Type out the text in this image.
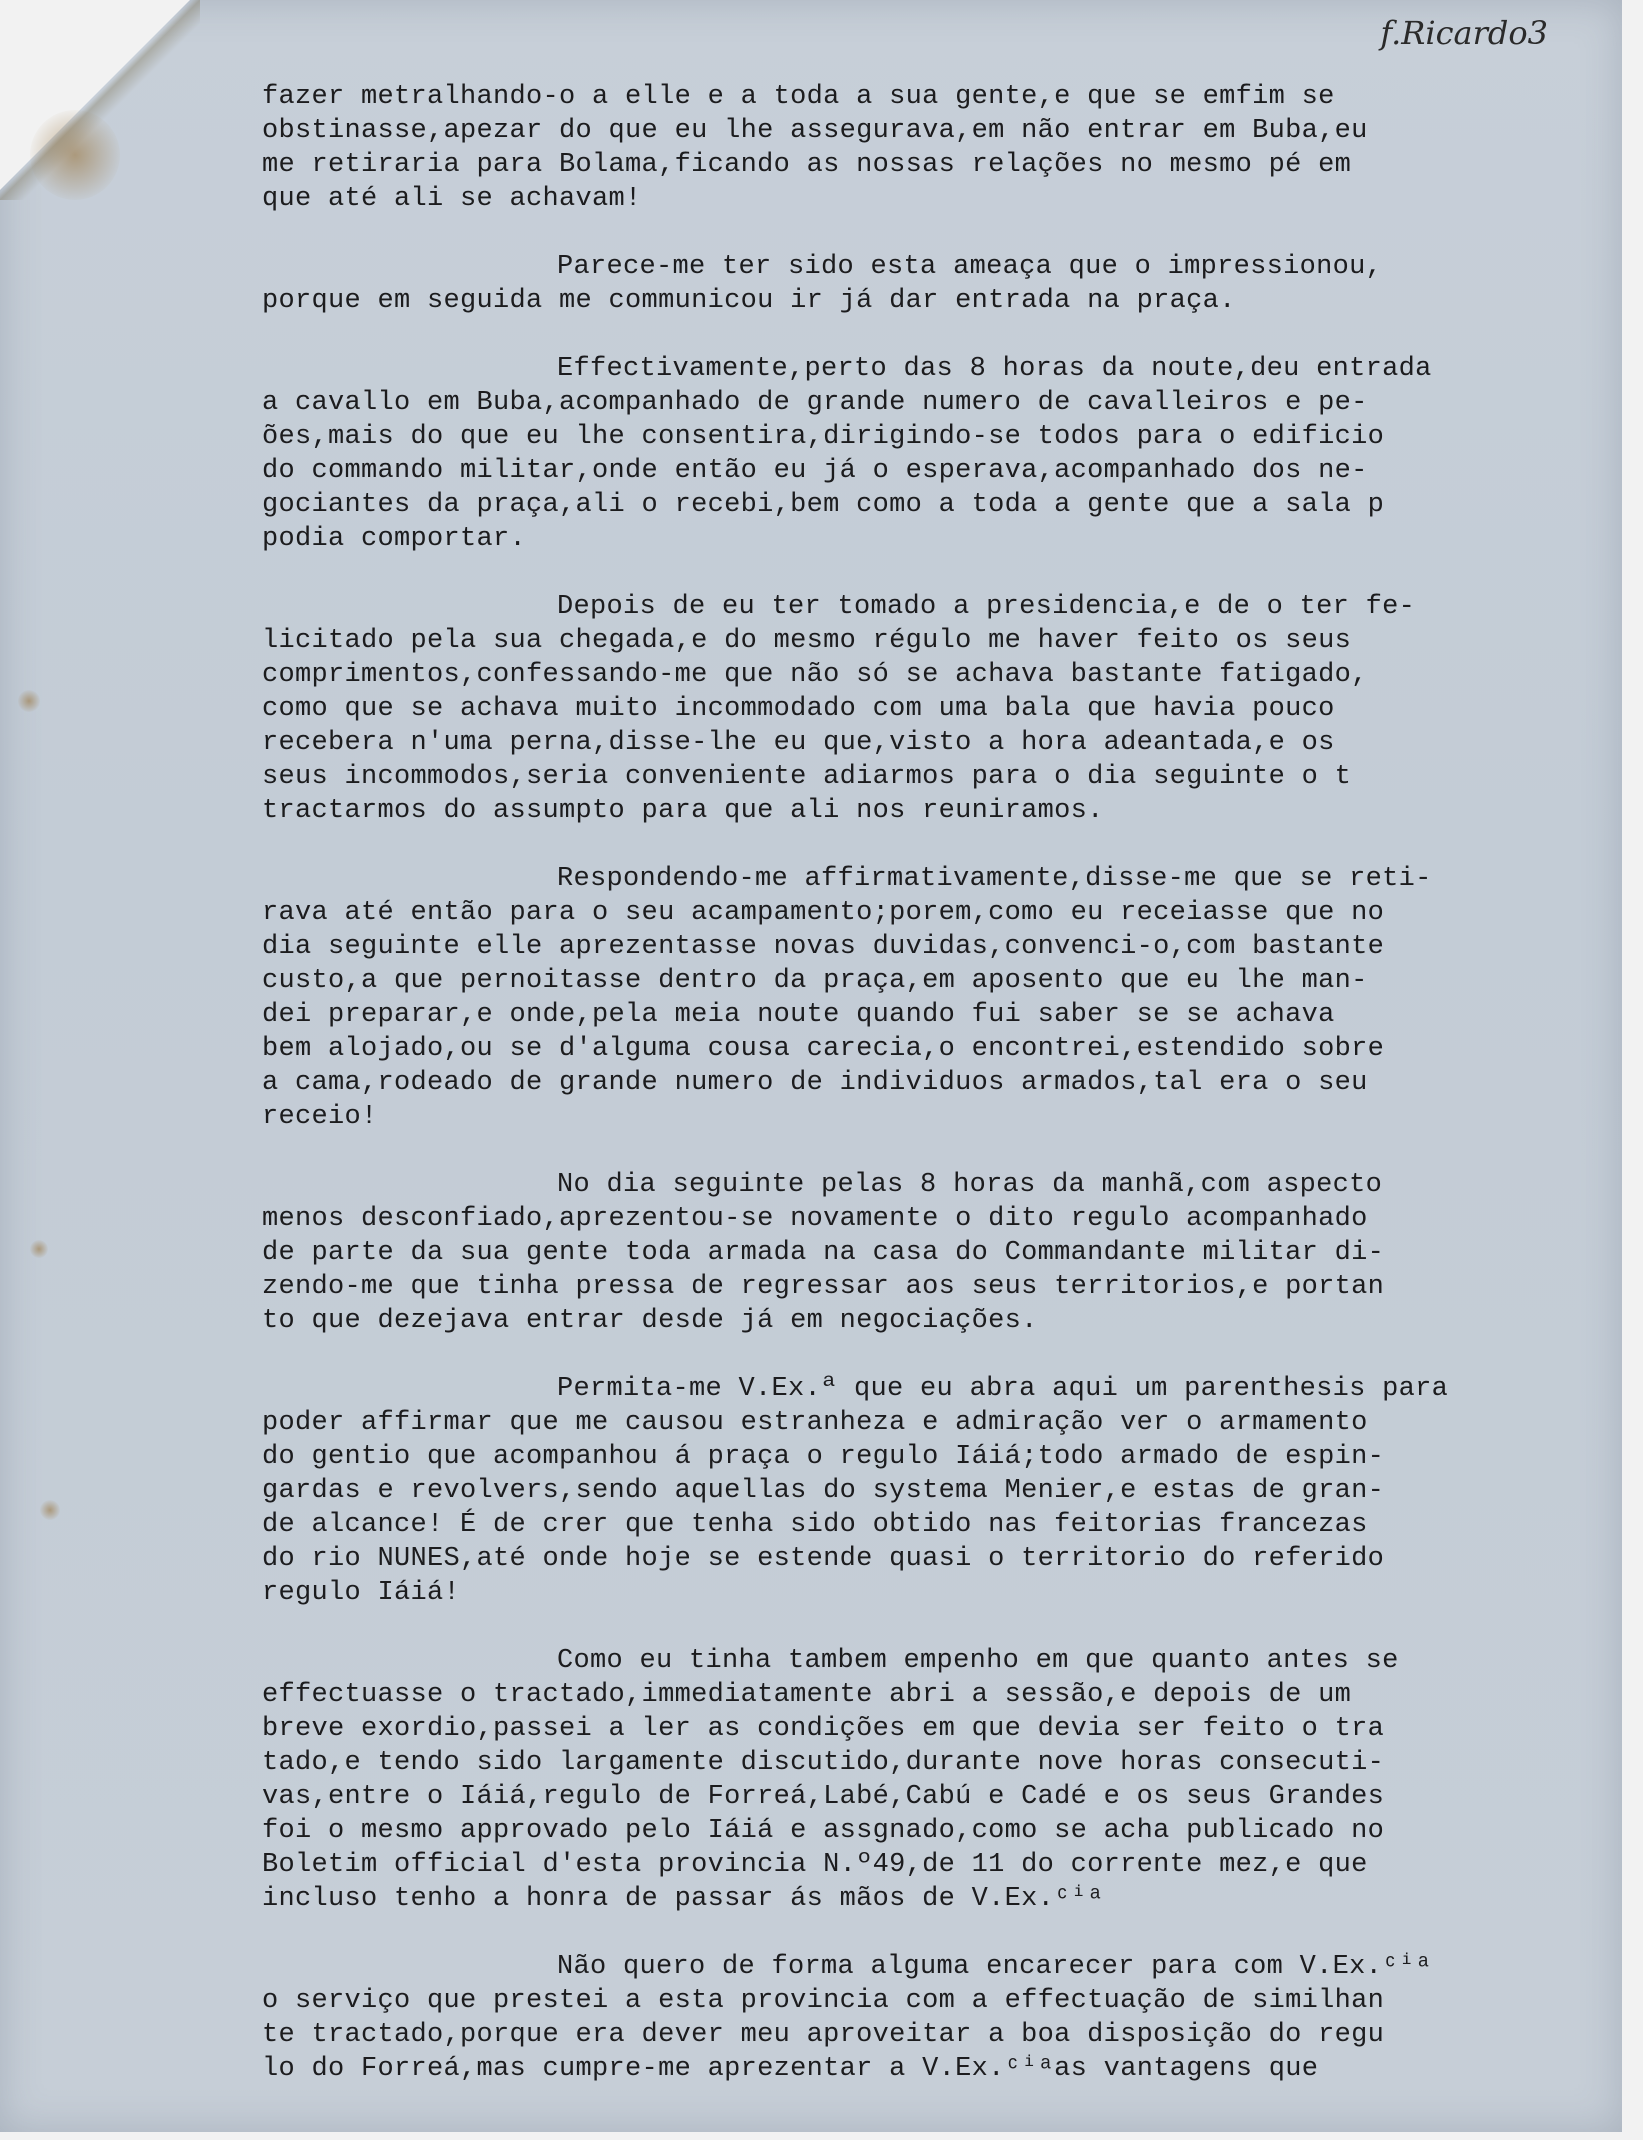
f.Ricardo3
fazer metralhando-o a elle e a toda a sua gente,e que se emfim se
obstinasse,apezar do que eu lhe assegurava,em não entrar em Buba,eu
me retiraria para Bolama,ficando as nossas relações no mesmo pé em
que até ali se achavam!
Parece-me ter sido esta ameaça que o impressionou,
porque em seguida me communicou ir já dar entrada na praça.
Effectivamente,perto das 8 horas da noute,deu entrada
a cavallo em Buba,acompanhado de grande numero de cavalleiros e pe-
ões,mais do que eu lhe consentira,dirigindo-se todos para o edificio
do commando militar,onde então eu já o esperava,acompanhado dos ne-
gociantes da praça,ali o recebi,bem como a toda a gente que a sala p
podia comportar.
Depois de eu ter tomado a presidencia,e de o ter fe-
licitado pela sua chegada,e do mesmo régulo me haver feito os seus
comprimentos,confessando-me que não só se achava bastante fatigado,
como que se achava muito incommodado com uma bala que havia pouco
recebera n'uma perna,disse-lhe eu que,visto a hora adeantada,e os
seus incommodos,seria conveniente adiarmos para o dia seguinte o t
tractarmos do assumpto para que ali nos reuniramos.
Respondendo-me affirmativamente,disse-me que se reti-
rava até então para o seu acampamento;porem,como eu receiasse que no
dia seguinte elle aprezentasse novas duvidas,convenci-o,com bastante
custo,a que pernoitasse dentro da praça,em aposento que eu lhe man-
dei preparar,e onde,pela meia noute quando fui saber se se achava
bem alojado,ou se d'alguma cousa carecia,o encontrei,estendido sobre
a cama,rodeado de grande numero de individuos armados,tal era o seu
receio!
No dia seguinte pelas 8 horas da manhã,com aspecto
menos desconfiado,aprezentou-se novamente o dito regulo acompanhado
de parte da sua gente toda armada na casa do Commandante militar di-
zendo-me que tinha pressa de regressar aos seus territorios,e portan
to que dezejava entrar desde já em negociações.
Permita-me V.Ex.ª que eu abra aqui um parenthesis para
poder affirmar que me causou estranheza e admiração ver o armamento
do gentio que acompanhou á praça o regulo Iáiá;todo armado de espin-
gardas e revolvers,sendo aquellas do systema Menier,e estas de gran-
de alcance! É de crer que tenha sido obtido nas feitorias francezas
do rio NUNES,até onde hoje se estende quasi o territorio do referido
regulo Iáiá!
Como eu tinha tambem empenho em que quanto antes se
effectuasse o tractado,immediatamente abri a sessão,e depois de um
breve exordio,passei a ler as condições em que devia ser feito o tra
tado,e tendo sido largamente discutido,durante nove horas consecuti-
vas,entre o Iáiá,regulo de Forreá,Labé,Cabú e Cadé e os seus Grandes
foi o mesmo approvado pelo Iáiá e assgnado,como se acha publicado no
Boletim official d'esta provincia N.º49,de 11 do corrente mez,e que
incluso tenho a honra de passar ás mãos de V.Ex.ᶜⁱᵃ
Não quero de forma alguma encarecer para com V.Ex.ᶜⁱᵃ
o serviço que prestei a esta provincia com a effectuação de similhan
te tractado,porque era dever meu aproveitar a boa disposição do regu
lo do Forreá,mas cumpre-me aprezentar a V.Ex.ᶜⁱᵃas vantagens que
